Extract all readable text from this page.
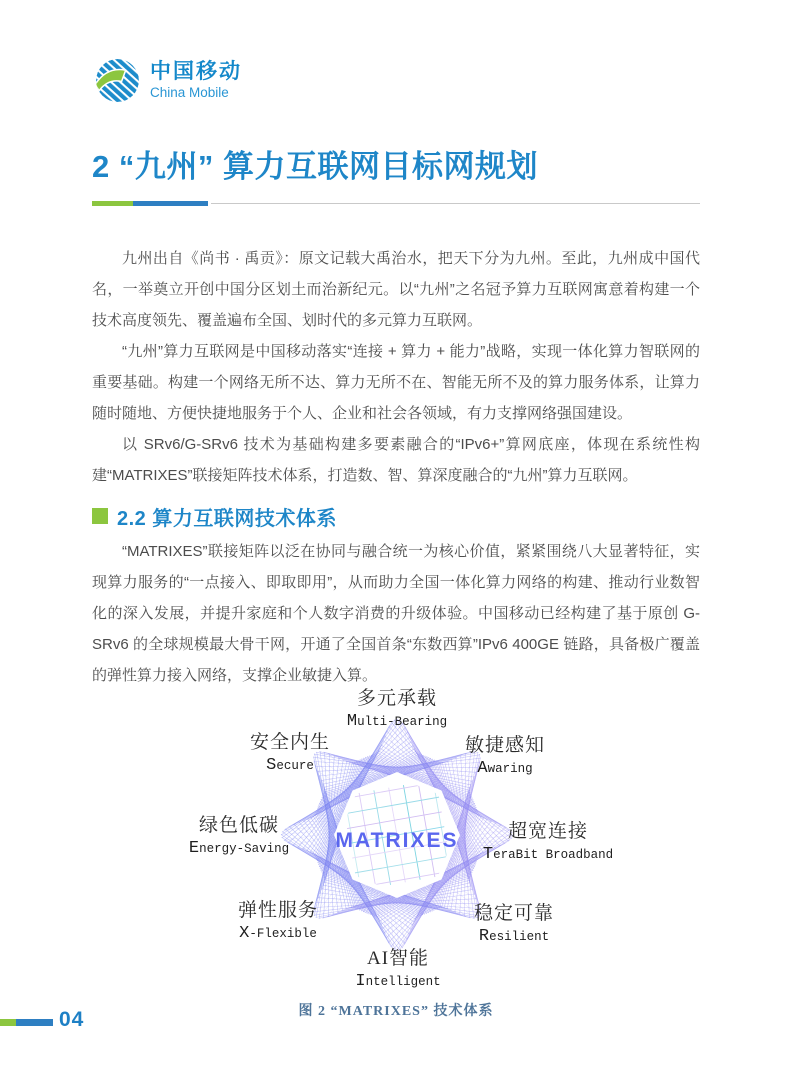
中国移动
China Mobile
2 “九州” 算力互联网目标网规划

九州出自《尚书 · 禹贡》：原文记载大禹治水，把天下分为九州。至此，九州成中国代名，一举奠立开创中国分区划土而治新纪元。以“九州”之名冠予算力互联网寓意着构建一个技术高度领先、覆盖遍布全国、划时代的多元算力互联网。

“九州”算力互联网是中国移动落实“连接 + 算力 + 能力”战略，实现一体化算力智联网的重要基础。构建一个网络无所不达、算力无所不在、智能无所不及的算力服务体系，让算力随时随地、方便快捷地服务于个人、企业和社会各领域，有力支撑网络强国建设。

以 SRv6/G-SRv6 技术为基础构建多要素融合的“IPv6+”算网底座，体现在系统性构建“MATRIXES”联接矩阵技术体系，打造数、智、算深度融合的“九州”算力互联网。

2.2 算力互联网技术体系

“MATRIXES”联接矩阵以泛在协同与融合统一为核心价值，紧紧围绕八大显著特征，实现算力服务的“一点接入、即取即用”，从而助力全国一体化算力网络的构建、推动行业数智化的深入发展，并提升家庭和个人数字消费的升级体验。中国移动已经构建了基于原创 G-SRv6 的全球规模最大骨干网，开通了全国首条“东数西算”IPv6 400GE 链路，具备极广覆盖的弹性算力接入网络，支撑企业敏捷入算。

MATRIXES
多元承载
Multi-Bearing
敏捷感知
Awaring
超宽连接
TeraBit Broadband
稳定可靠
Resilient
AI智能
Intelligent
弹性服务
X-Flexible
绿色低碳
Energy-Saving
安全内生
Secure
图 2 “MATRIXES” 技术体系
04
